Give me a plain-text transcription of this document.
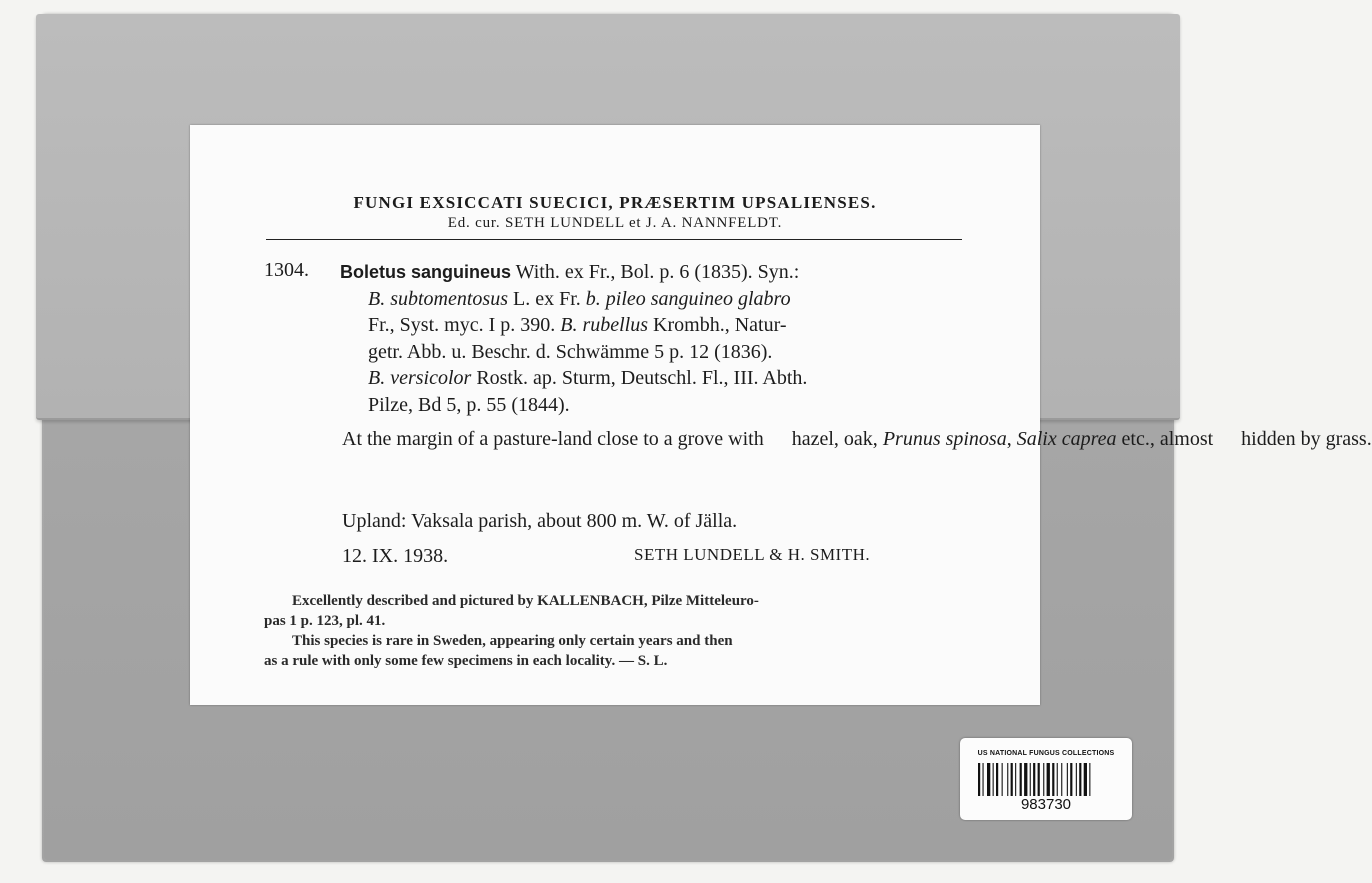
FUNGI EXSICCATI SUECICI, PRÆSERTIM UPSALIENSES.
Ed. cur. SETH LUNDELL et J. A. NANNFELDT.
1304. Boletus sanguineus With. ex Fr., Bol. p. 6 (1835). Syn.:
B. subtomentosus L. ex Fr. b. pileo sanguineo glabro
Fr., Syst. myc. I p. 390. B. rubellus Krombh., Natur-
getr. Abb. u. Beschr. d. Schwämme 5 p. 12 (1836).
B. versicolor Rostk. ap. Sturm, Deutschl. Fl., III. Abth.
Pilze, Bd 5, p. 55 (1844).
At the margin of a pasture-land close to a grove with hazel, oak, Prunus spinosa, Salix caprea etc., almost hidden by grass.
Upland: Vaksala parish, about 800 m. W. of Jälla.
12. IX. 1938.	SETH LUNDELL & H. SMITH.
Excellently described and pictured by KALLENBACH, Pilze Mitteleuro-
pas 1 p. 123, pl. 41.
This species is rare in Sweden, appearing only certain years and then
as a rule with only some few specimens in each locality. — S. L.
US NATIONAL FUNGUS COLLECTIONS
983730
